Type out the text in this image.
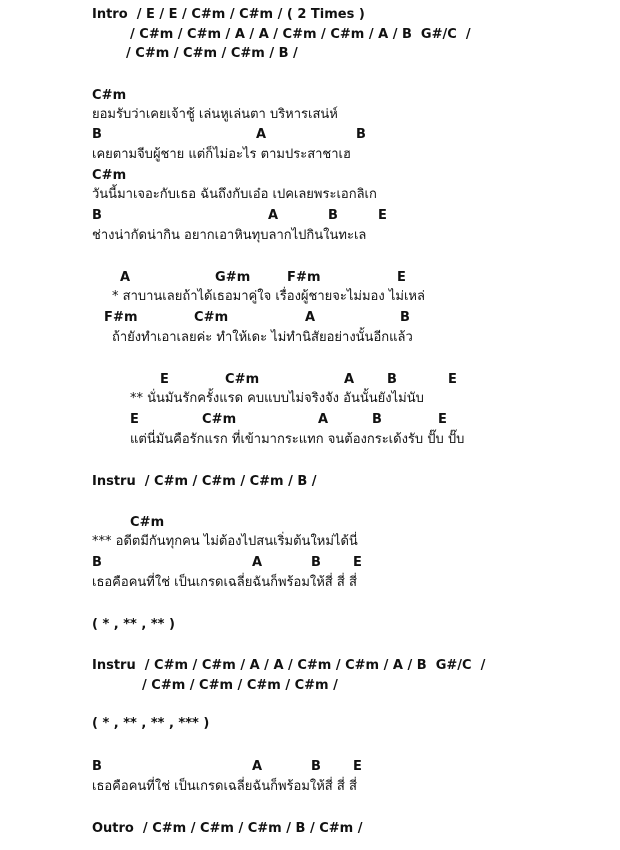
Intro  / E / E / C#m / C#m / ( 2 Times )
/ C#m / C#m / A / A / C#m / C#m / A / B  G#/C  /
/ C#m / C#m / C#m / B /
C#m
ยอมรับว่าเคยเจ้าชู้ เล่นหูเล่นตา บริหารเสน่ห์

B

	A

	B

เคยตามจีบผู้ชาย แต่ก็ไม่อะไร ตามประสาชาเฮ
C#m
วันนี้มาเจอะกับเธอ ฉันถึงกับเอ๋อ เปคเลยพระเอกลิเก

B

	A

	B

	E

ช่างน่ากัดน่ากิน อยากเอาหินทุบลากไปกินในทะเล

A

	G#m

	F#m

	E

* สาบานเลยถ้าได้เธอมาคู่ใจ เรื่องผู้ชายจะไม่มอง ไม่เหล่

F#m

	C#m

	A

	B

ถ้ายังทำเอาเลยค่ะ ทำให้เดะ ไม่ทำนิสัยอย่างนั้นอีกแล้ว

E

	C#m

	A

	B

	E

** นั่นมันรักครั้งแรด คบแบบไม่จริงจัง อันนั้นยังไม่นับ

E

	C#m

	A

	B

	E

แต่นี่มันคือรักแรก ที่เข้ามากระแทก จนต้องกระเด้งรับ ปั๊บ ปั๊บ
Instru  / C#m / C#m / C#m / B /
C#m
*** อดีตมีกันทุกคน ไม่ต้องไปสนเริ่มต้นใหม่ได้นี่

B

	A

	B

E

เธอคือคนที่ใช่ เป็นเกรดเฉลี่ยฉันก็พร้อมให้สี่ สี่ สี่
( * , ** , ** )
Instru  / C#m / C#m / A / A / C#m / C#m / A / B  G#/C  /
/ C#m / C#m / C#m / C#m /
( * , ** , ** , *** )

B

	A

	B

E

เธอคือคนที่ใช่ เป็นเกรดเฉลี่ยฉันก็พร้อมให้สี่ สี่ สี่
Outro  / C#m / C#m / C#m / B / C#m /
